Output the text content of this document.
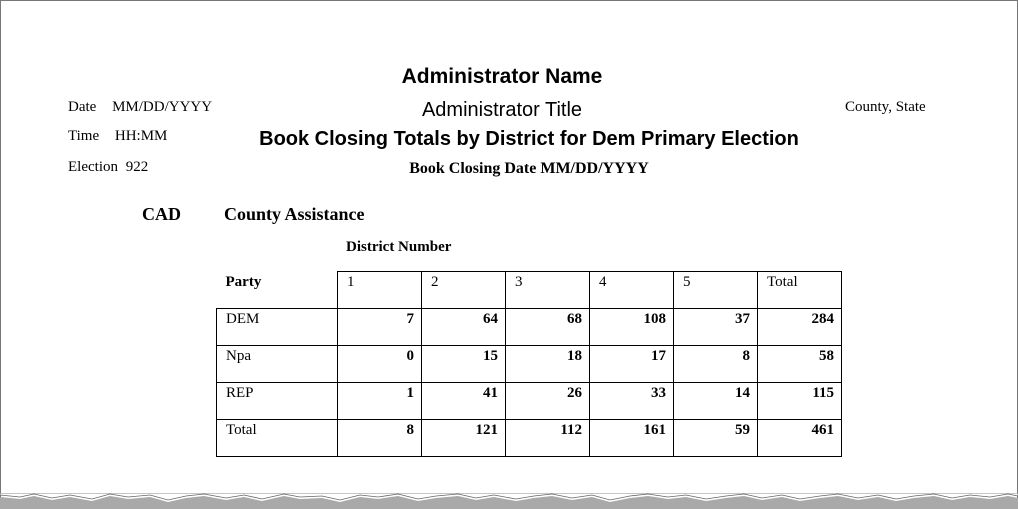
Administrator Name
Administrator Title
Book Closing Totals by District for Dem Primary Election
Book Closing Date MM/DD/YYYY
Date MM/DD/YYYY
Time HH:MM
Election 922
County, State
CAD County Assistance
District Number
Party	1	2	3	4	5	Total

DEM	7	64	68	108	37	284

Npa	0	15	18	17	8	58

REP	1	41	26	33	14	115

Total	8	121	112	161	59	461
